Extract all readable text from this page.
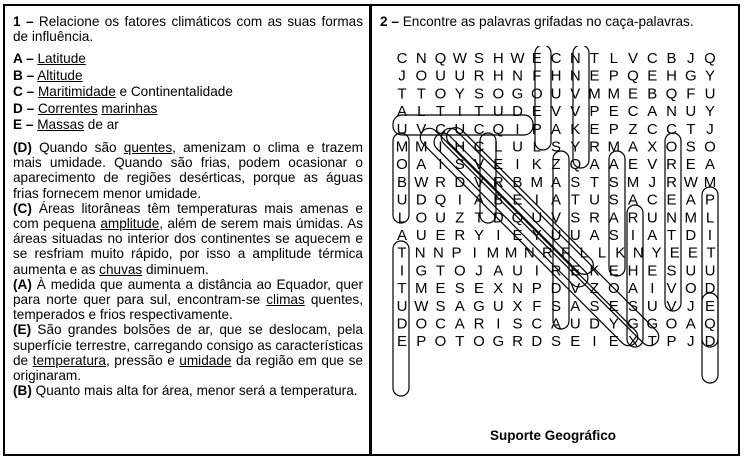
1 – Relacione os fatores climáticos com as suas formas de influência.

A – Latitude
B – Altitude
C – Maritimidade e Continentalidade
D – Correntes marinhas
E – Massas de ar

(D) Quando são quentes, amenizam o clima e trazem mais umidade. Quando são frias, podem ocasionar o aparecimento de regiões desérticas, porque as águas frias fornecem menor umidade.

(C) Áreas litorâneas têm temperaturas mais amenas e com pequena amplitude, além de serem mais úmidas. As áreas situadas no interior dos continentes se aquecem e se resfriam muito rápido, por isso a amplitude térmica aumenta e as chuvas diminuem.

(A) À medida que aumenta a distância ao Equador, quer para norte quer para sul, encontram-se climas quentes, temperados e frios respectivamente.

(E) São grandes bolsões de ar, que se deslocam, pela superfície terrestre, carregando consigo as características de temperatura, pressão e umidade da região em que se originaram.

(B) Quanto mais alta for área, menor será a temperatura.

2 – Encontre as palavras grifadas no caça-palavras.
C N Q W S H W E C N T L V C B J Q
J O U U R H N F H N E P Q E H G Y
T T O Y S O G O U V M M E B Q F U
A L T I T U D E V V P E C A N U Y
U V C U C Q I P A K E P Z C C T J
M M I H C L U L S Y R M A X O S O
O A I S V E I K Z Q A A E V R E A
B W R D V R B M A S T S M J R W M
U D Q I A B E I A T U S A C E A P
L O U Z T D Q U V S R A R U N M L
A U E R Y I E Y U U A S I A T D I
T N N P I M M N R F L L K N Y E E T
I G T O J A U I R E K E H E S U U
T M E S E X N P D V Z O A I V O D
U W S A G U X F S A S E S U V J E
D O C A R I S C A U D Y G G O A Q
E P O T O G R D S E I E X T P J D
Suporte Geográfico
